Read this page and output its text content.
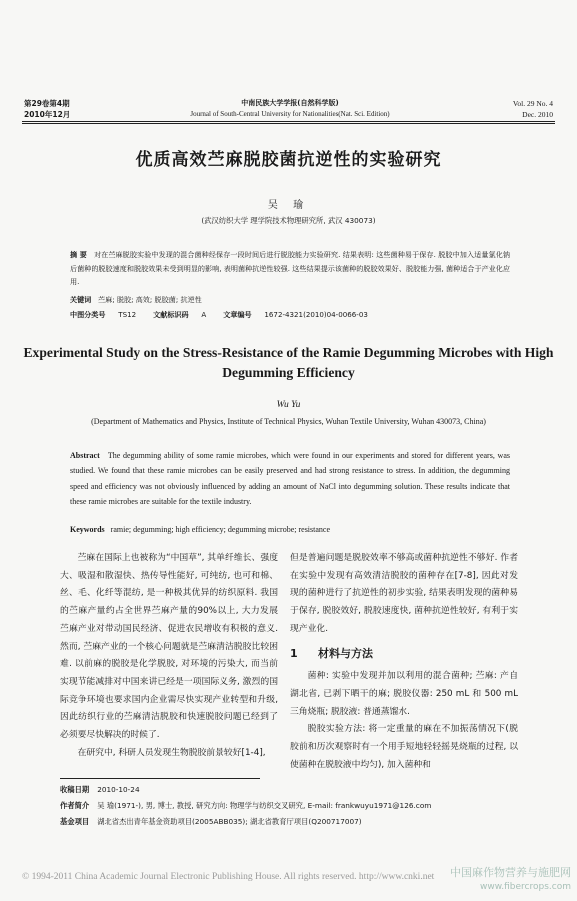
第29卷第4期
2010年12月
中南民族大学学报(自然科学版)
Journal of South-Central University for Nationalities(Nat. Sci. Edition)
Vol. 29 No. 4
Dec. 2010
优质高效苎麻脱胶菌抗逆性的实验研究
吴 瑜
(武汉纺织大学 理学院技术物理研究所, 武汉 430073)
摘 要 对在苎麻脱胶实验中发现的混合菌种经保存一段时间后进行脱胶能力实验研究. 结果表明: 这些菌种易于保存. 脱胶中加入适量氯化钠后菌种的脱胶速度和脱胶效果未受到明显的影响, 表明菌种抗逆性较强. 这些结果提示该菌种的脱胶效果好、脱胶能力强, 菌种适合于产业化应用.
关键词 苎麻; 脱胶; 高效; 脱胶菌; 抗逆性
中图分类号 TS12 文献标识码 A 文章编号 1672-4321(2010)04-0066-03
Experimental Study on the Stress-Resistance of the Ramie Degumming Microbes with High Degumming Efficiency
Wu Yu
(Department of Mathematics and Physics, Institute of Technical Physics, Wuhan Textile University, Wuhan 430073, China)
Abstract The degumming ability of some ramie microbes, which were found in our experiments and stored for different years, was studied. We found that these ramie microbes can be easily preserved and had strong resistance to stress. In addition, the degumming speed and efficiency was not obviously influenced by adding an amount of NaCl into degumming solution. These results indicate that these ramie microbes are suitable for the textile industry.
Keywords ramie; degumming; high efficiency; degumming microbe; resistance

苎麻在国际上也被称为“中国草”, 其单纤维长、强度大、吸湿和散湿快、热传导性能好, 可纯纺, 也可和棉、丝、毛、化纤等混纺, 是一种极其优异的纺织原料. 我国的苎麻产量约占全世界苎麻产量的90%以上, 大力发展苎麻产业对带动国民经济、促进农民增收有积极的意义. 然而, 苎麻产业的一个核心问题就是苎麻清洁脱胶比较困难. 以前麻的脱胶是化学脱胶, 对环境的污染大, 而当前实现节能减排对中国来讲已经是一项国际义务, 激烈的国际竞争环境也要求国内企业需尽快实现产业转型和升级, 因此纺织行业的苎麻清洁脱胶和快速脱胶问题已经到了必须要尽快解决的时候了.

在研究中, 科研人员发现生物脱胶前景较好[1-4],

但是普遍问题是脱胶效率不够高或菌种抗逆性不够好. 作者在实验中发现有高效清洁脱胶的菌种存在[7-8], 因此对发现的菌种进行了抗逆性的初步实验, 结果表明发现的菌种易于保存, 脱胶效好, 脱胶速度快, 菌种抗逆性较好, 有利于实现产业化.

1 材料与方法

菌种: 实验中发现并加以利用的混合菌种; 苎麻: 产自湖北省, 已剥下晒干的麻; 脱胶仪器: 250 mL 和 500 mL 三角烧瓶; 脱胶液: 普通蒸馏水.

脱胶实验方法: 将一定重量的麻在不加振荡情况下(脱胶前和历次观察时有一个用手短地轻轻摇晃烧瓶的过程, 以使菌种在脱胶液中均匀), 加入菌种和

收稿日期 2010-10-24
作者简介 吴 瑜(1971-), 男, 博士, 教授, 研究方向: 物理学与纺织交叉研究, E-mail: frankwuyu1971@126.com
基金项目 湖北省杰出青年基金资助项目(2005ABB035); 湖北省教育厅项目(Q200717007)
© 1994-2011 China Academic Journal Electronic Publishing House. All rights reserved. http://www.cnki.net 中国麻作物营养与施肥网
www.fibercrops.com
